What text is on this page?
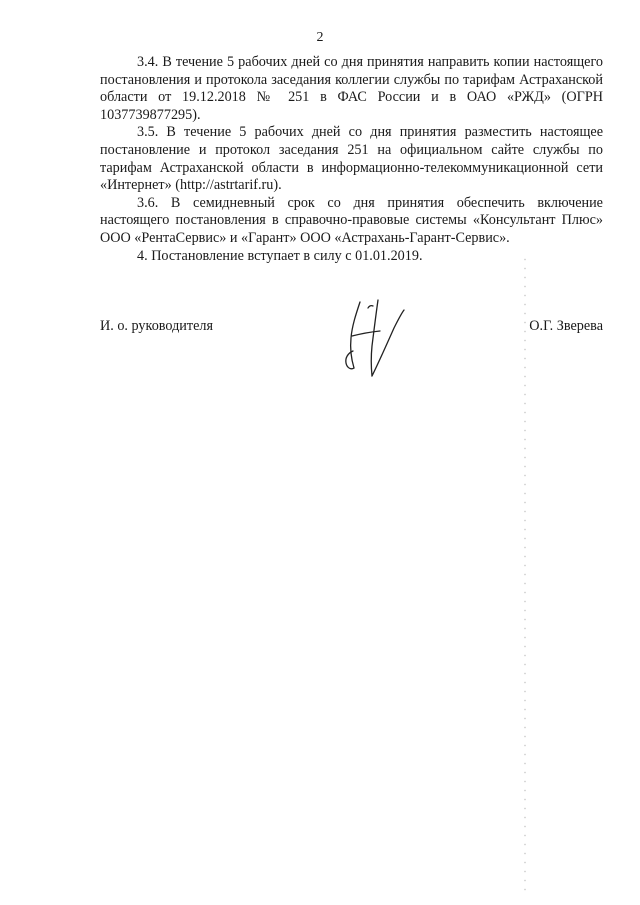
2

3.4. В течение 5 рабочих дней со дня принятия направить копии настоящего постановления и протокола заседания коллегии службы по тарифам Астраханской области от 19.12.2018 № 251 в ФАС России и в ОАО «РЖД» (ОГРН 1037739877295).

3.5. В течение 5 рабочих дней со дня принятия разместить настоящее постановление и протокол заседания 251 на официальном сайте службы по тарифам Астраханской области в информационно-телекоммуникационной сети «Интернет» (http://astrtarif.ru).

3.6. В семидневный срок со дня принятия обеспечить включение настоящего постановления в справочно-правовые системы «Консультант Плюс» ООО «РентаСервис» и «Гарант» ООО «Астрахань-Гарант-Сервис».

4. Постановление вступает в силу с 01.01.2019.

И. о. руководителя	О.Г. Зверева
